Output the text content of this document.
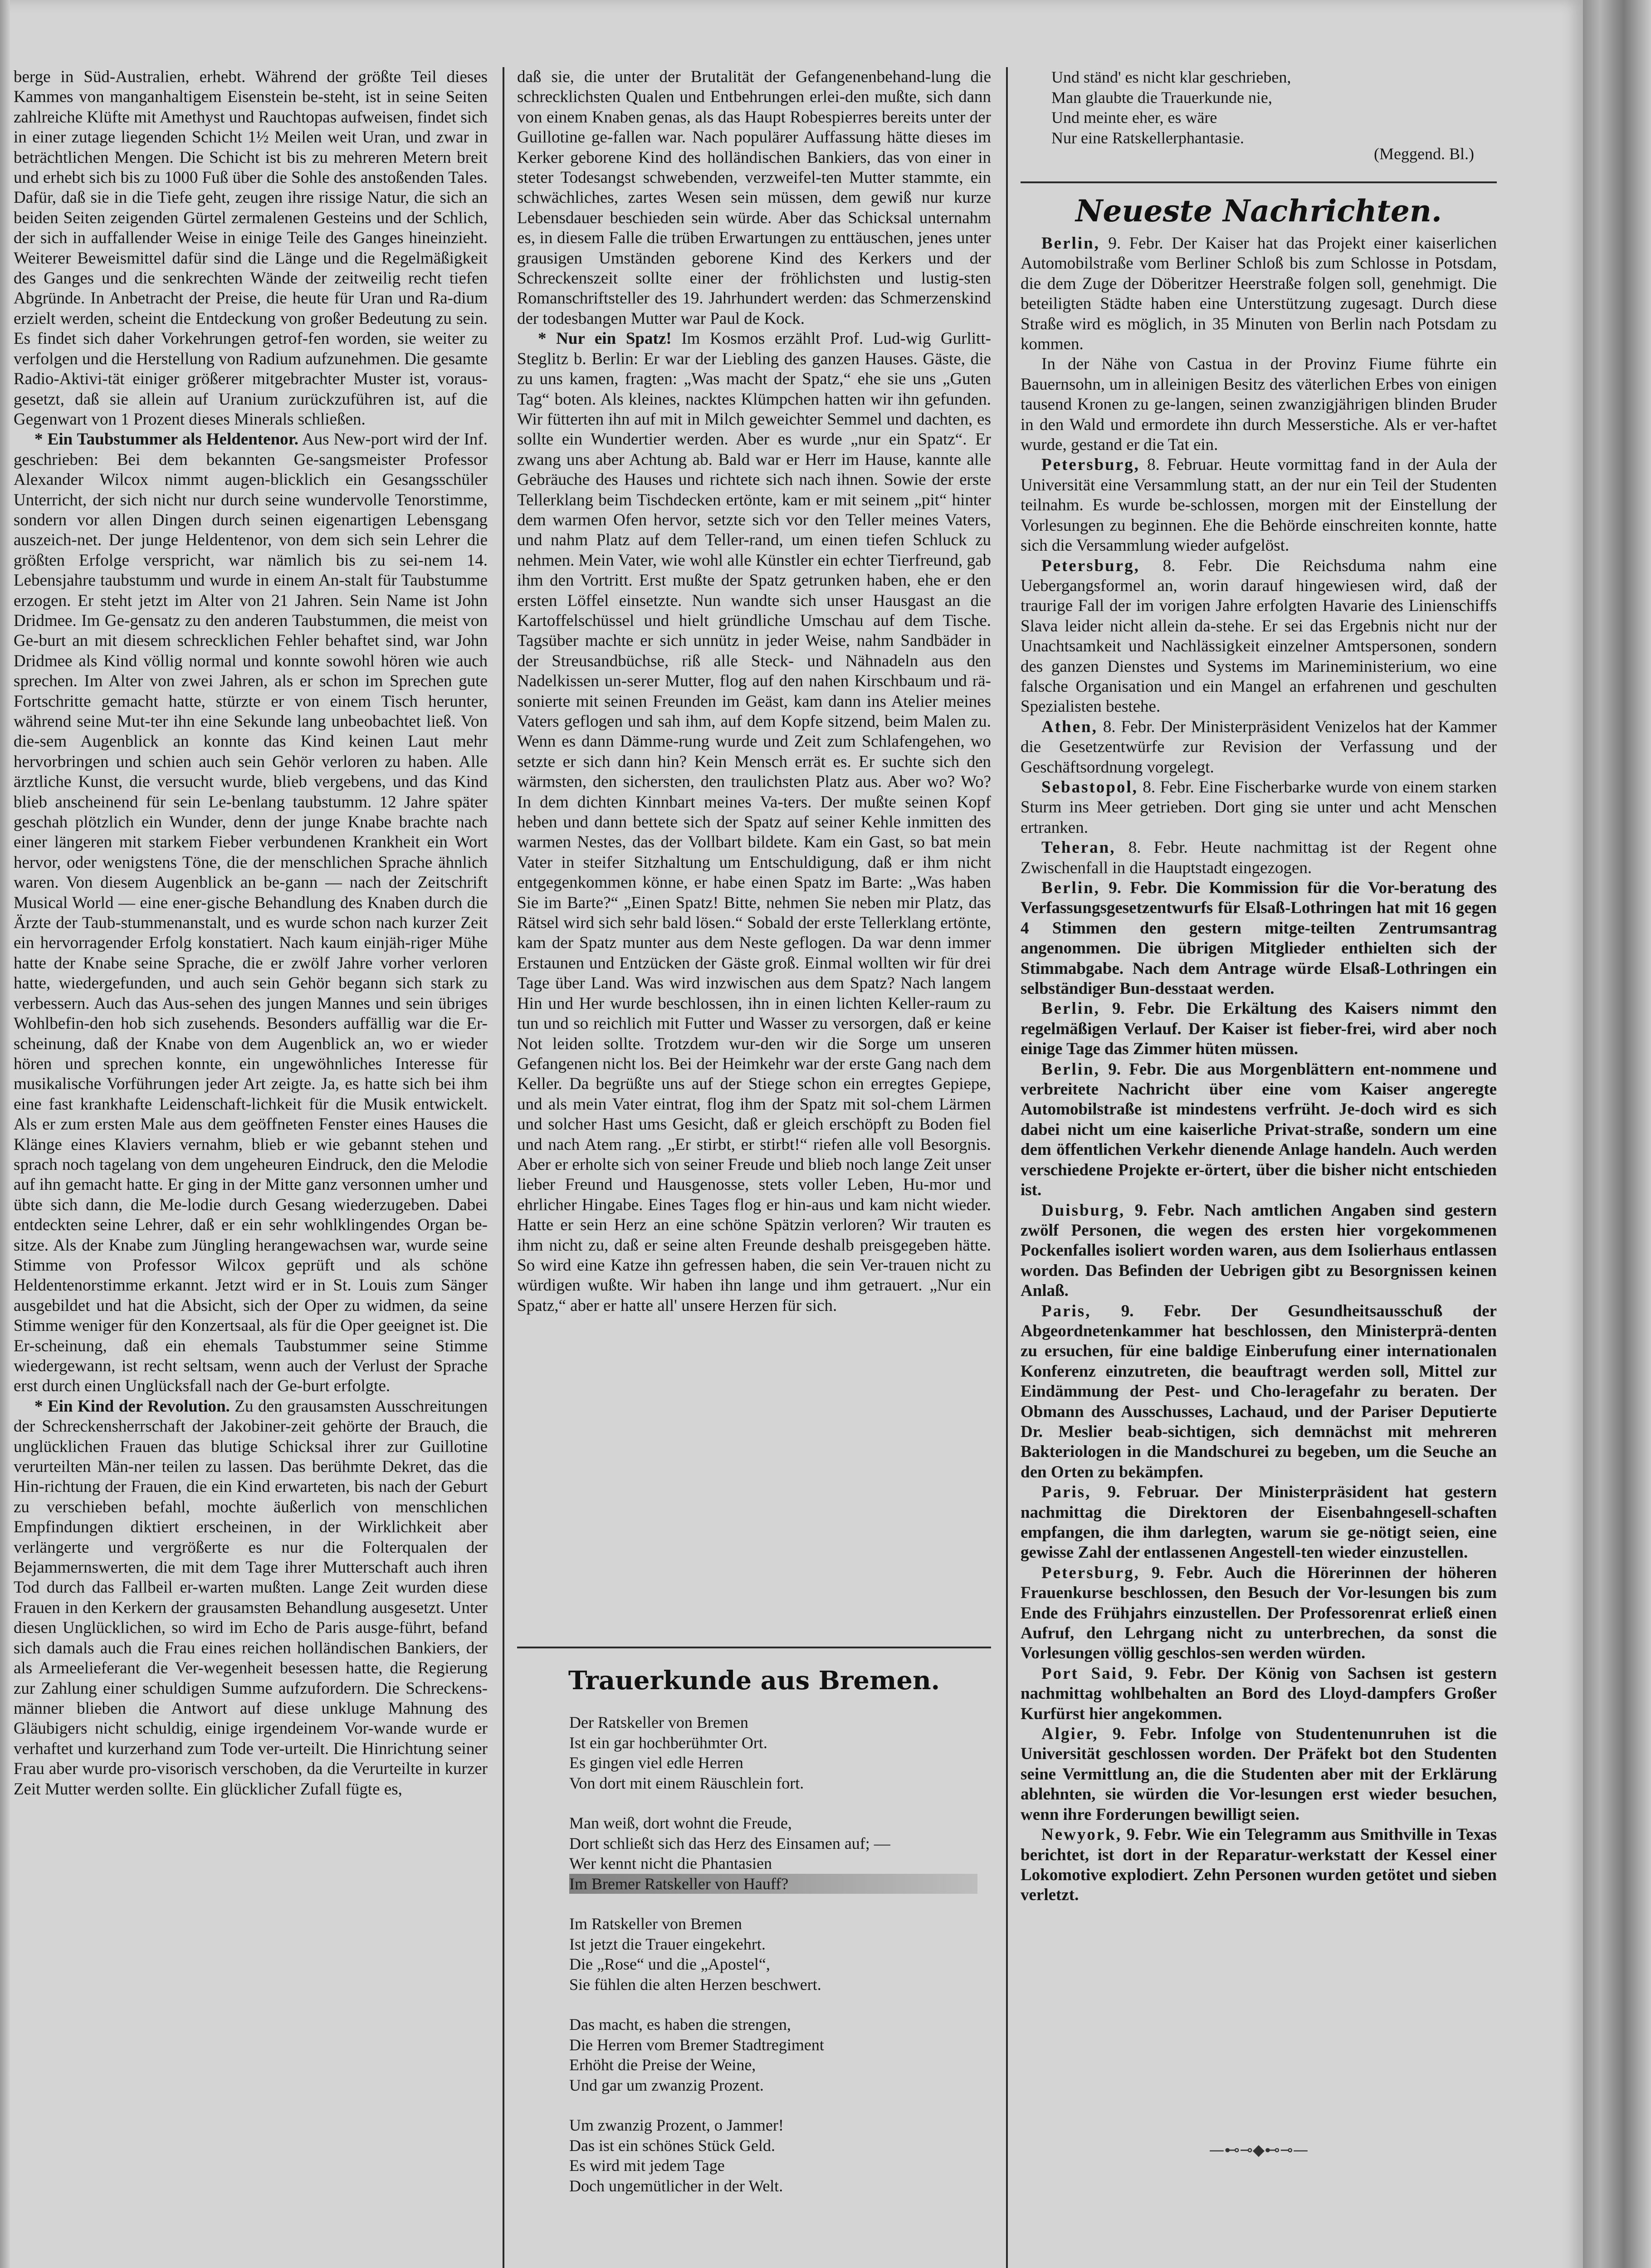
berge in Süd-Australien, erhebt. Während der größte Teil dieses Kammes von manganhaltigem Eisenstein be-steht, ist in seine Seiten zahlreiche Klüfte mit Amethyst und Rauchtopas aufweisen, findet sich in einer zutage liegenden Schicht 1½ Meilen weit Uran, und zwar in beträchtlichen Mengen. Die Schicht ist bis zu mehreren Metern breit und erhebt sich bis zu 1000 Fuß über die Sohle des anstoßenden Tales. Dafür, daß sie in die Tiefe geht, zeugen ihre rissige Natur, die sich an beiden Seiten zeigenden Gürtel zermalenen Gesteins und der Schlich, der sich in auffallender Weise in einige Teile des Ganges hineinzieht. Weiterer Beweismittel dafür sind die Länge und die Regelmäßigkeit des Ganges und die senkrechten Wände der zeitweilig recht tiefen Abgründe. In Anbetracht der Preise, die heute für Uran und Ra-dium erzielt werden, scheint die Entdeckung von großer Bedeutung zu sein. Es findet sich daher Vorkehrungen getrof-fen worden, sie weiter zu verfolgen und die Herstellung von Radium aufzunehmen. Die gesamte Radio-Aktivi-tät einiger größerer mitgebrachter Muster ist, voraus-gesetzt, daß sie allein auf Uranium zurückzuführen ist, auf die Gegenwart von 1 Prozent dieses Minerals schließen.

* Ein Taubstummer als Heldentenor. Aus New-port wird der Inf. geschrieben: Bei dem bekannten Ge-sangsmeister Professor Alexander Wilcox nimmt augen-blicklich ein Gesangsschüler Unterricht, der sich nicht nur durch seine wundervolle Tenorstimme, sondern vor allen Dingen durch seinen eigenartigen Lebensgang auszeich-net. Der junge Heldentenor, von dem sich sein Lehrer die größten Erfolge verspricht, war nämlich bis zu sei-nem 14. Lebensjahre taubstumm und wurde in einem An-stalt für Taubstumme erzogen. Er steht jetzt im Alter von 21 Jahren. Sein Name ist John Dridmee. Im Ge-gensatz zu den anderen Taubstummen, die meist von Ge-burt an mit diesem schrecklichen Fehler behaftet sind, war John Dridmee als Kind völlig normal und konnte sowohl hören wie auch sprechen. Im Alter von zwei Jahren, als er schon im Sprechen gute Fortschritte gemacht hatte, stürzte er von einem Tisch herunter, während seine Mut-ter ihn eine Sekunde lang unbeobachtet ließ. Von die-sem Augenblick an konnte das Kind keinen Laut mehr hervorbringen und schien auch sein Gehör verloren zu haben. Alle ärztliche Kunst, die versucht wurde, blieb vergebens, und das Kind blieb anscheinend für sein Le-benlang taubstumm. 12 Jahre später geschah plötzlich ein Wunder, denn der junge Knabe brachte nach einer längeren mit starkem Fieber verbundenen Krankheit ein Wort hervor, oder wenigstens Töne, die der menschlichen Sprache ähnlich waren. Von diesem Augenblick an be-gann — nach der Zeitschrift Musical World — eine ener-gische Behandlung des Knaben durch die Ärzte der Taub-stummenanstalt, und es wurde schon nach kurzer Zeit ein hervorragender Erfolg konstatiert. Nach kaum einjäh-riger Mühe hatte der Knabe seine Sprache, die er zwölf Jahre vorher verloren hatte, wiedergefunden, und auch sein Gehör begann sich stark zu verbessern. Auch das Aus-sehen des jungen Mannes und sein übriges Wohlbefin-den hob sich zusehends. Besonders auffällig war die Er-scheinung, daß der Knabe von dem Augenblick an, wo er wieder hören und sprechen konnte, ein ungewöhnliches Interesse für musikalische Vorführungen jeder Art zeigte. Ja, es hatte sich bei ihm eine fast krankhafte Leidenschaft-lichkeit für die Musik entwickelt. Als er zum ersten Male aus dem geöffneten Fenster eines Hauses die Klänge eines Klaviers vernahm, blieb er wie gebannt stehen und sprach noch tagelang von dem ungeheuren Eindruck, den die Melodie auf ihn gemacht hatte. Er ging in der Mitte ganz versonnen umher und übte sich dann, die Me-lodie durch Gesang wiederzugeben. Dabei entdeckten seine Lehrer, daß er ein sehr wohlklingendes Organ be-sitze. Als der Knabe zum Jüngling herangewachsen war, wurde seine Stimme von Professor Wilcox geprüft und als schöne Heldentenorstimme erkannt. Jetzt wird er in St. Louis zum Sänger ausgebildet und hat die Absicht, sich der Oper zu widmen, da seine Stimme weniger für den Konzertsaal, als für die Oper geeignet ist. Die Er-scheinung, daß ein ehemals Taubstummer seine Stimme wiedergewann, ist recht seltsam, wenn auch der Verlust der Sprache erst durch einen Unglücksfall nach der Ge-burt erfolgte.

* Ein Kind der Revolution. Zu den grausamsten Ausschreitungen der Schreckensherrschaft der Jakobiner-zeit gehörte der Brauch, die unglücklichen Frauen das blutige Schicksal ihrer zur Guillotine verurteilten Män-ner teilen zu lassen. Das berühmte Dekret, das die Hin-richtung der Frauen, die ein Kind erwarteten, bis nach der Geburt zu verschieben befahl, mochte äußerlich von menschlichen Empfindungen diktiert erscheinen, in der Wirklichkeit aber verlängerte und vergrößerte es nur die Folterqualen der Bejammernswerten, die mit dem Tage ihrer Mutterschaft auch ihren Tod durch das Fallbeil er-warten mußten. Lange Zeit wurden diese Frauen in den Kerkern der grausamsten Behandlung ausgesetzt. Unter diesen Unglücklichen, so wird im Echo de Paris ausge-führt, befand sich damals auch die Frau eines reichen holländischen Bankiers, der als Armeelieferant die Ver-wegenheit besessen hatte, die Regierung zur Zahlung einer schuldigen Summe aufzufordern. Die Schreckens-männer blieben die Antwort auf diese unkluge Mahnung des Gläubigers nicht schuldig, einige irgendeinem Vor-wande wurde er verhaftet und kurzerhand zum Tode ver-urteilt. Die Hinrichtung seiner Frau aber wurde pro-visorisch verschoben, da die Verurteilte in kurzer Zeit Mutter werden sollte. Ein glücklicher Zufall fügte es,

daß sie, die unter der Brutalität der Gefangenenbehand-lung die schrecklichsten Qualen und Entbehrungen erlei-den mußte, sich dann von einem Knaben genas, als das Haupt Robespierres bereits unter der Guillotine ge-fallen war. Nach populärer Auffassung hätte dieses im Kerker geborene Kind des holländischen Bankiers, das von einer in steter Todesangst schwebenden, verzweifel-ten Mutter stammte, ein schwächliches, zartes Wesen sein müssen, dem gewiß nur kurze Lebensdauer beschieden sein würde. Aber das Schicksal unternahm es, in diesem Falle die trüben Erwartungen zu enttäuschen, jenes unter grausigen Umständen geborene Kind des Kerkers und der Schreckenszeit sollte einer der fröhlichsten und lustig-sten Romanschriftsteller des 19. Jahrhundert werden: das Schmerzenskind der todesbangen Mutter war Paul de Kock.

* Nur ein Spatz! Im Kosmos erzählt Prof. Lud-wig Gurlitt-Steglitz b. Berlin: Er war der Liebling des ganzen Hauses. Gäste, die zu uns kamen, fragten: „Was macht der Spatz,“ ehe sie uns „Guten Tag“ boten. Als kleines, nacktes Klümpchen hatten wir ihn gefunden. Wir fütterten ihn auf mit in Milch geweichter Semmel und dachten, es sollte ein Wundertier werden. Aber es wurde „nur ein Spatz“. Er zwang uns aber Achtung ab. Bald war er Herr im Hause, kannte alle Gebräuche des Hauses und richtete sich nach ihnen. Sowie der erste Tellerklang beim Tischdecken ertönte, kam er mit seinem „pit“ hinter dem warmen Ofen hervor, setzte sich vor den Teller meines Vaters, und nahm Platz auf dem Teller-rand, um einen tiefen Schluck zu nehmen. Mein Vater, wie wohl alle Künstler ein echter Tierfreund, gab ihm den Vortritt. Erst mußte der Spatz getrunken haben, ehe er den ersten Löffel einsetzte. Nun wandte sich unser Hausgast an die Kartoffelschüssel und hielt gründliche Umschau auf dem Tische. Tagsüber machte er sich unnütz in jeder Weise, nahm Sandbäder in der Streusandbüchse, riß alle Steck- und Nähnadeln aus den Nadelkissen un-serer Mutter, flog auf den nahen Kirschbaum und rä-sonierte mit seinen Freunden im Geäst, kam dann ins Atelier meines Vaters geflogen und sah ihm, auf dem Kopfe sitzend, beim Malen zu. Wenn es dann Dämme-rung wurde und Zeit zum Schlafengehen, wo setzte er sich dann hin? Kein Mensch errät es. Er suchte sich den wärmsten, den sichersten, den traulichsten Platz aus. Aber wo? Wo? In dem dichten Kinnbart meines Va-ters. Der mußte seinen Kopf heben und dann bettete sich der Spatz auf seiner Kehle inmitten des warmen Nestes, das der Vollbart bildete. Kam ein Gast, so bat mein Vater in steifer Sitzhaltung um Entschuldigung, daß er ihm nicht entgegenkommen könne, er habe einen Spatz im Barte: „Was haben Sie im Barte?“ „Einen Spatz! Bitte, nehmen Sie neben mir Platz, das Rätsel wird sich sehr bald lösen.“ Sobald der erste Tellerklang ertönte, kam der Spatz munter aus dem Neste geflogen. Da war denn immer Erstaunen und Entzücken der Gäste groß. Einmal wollten wir für drei Tage über Land. Was wird inzwischen aus dem Spatz? Nach langem Hin und Her wurde beschlossen, ihn in einen lichten Keller-raum zu tun und so reichlich mit Futter und Wasser zu versorgen, daß er keine Not leiden sollte. Trotzdem wur-den wir die Sorge um unseren Gefangenen nicht los. Bei der Heimkehr war der erste Gang nach dem Keller. Da begrüßte uns auf der Stiege schon ein erregtes Gepiepe, und als mein Vater eintrat, flog ihm der Spatz mit sol-chem Lärmen und solcher Hast ums Gesicht, daß er gleich erschöpft zu Boden fiel und nach Atem rang. „Er stirbt, er stirbt!“ riefen alle voll Besorgnis. Aber er erholte sich von seiner Freude und blieb noch lange Zeit unser lieber Freund und Hausgenosse, stets voller Leben, Hu-mor und ehrlicher Hingabe. Eines Tages flog er hin-aus und kam nicht wieder. Hatte er sein Herz an eine schöne Spätzin verloren? Wir trauten es ihm nicht zu, daß er seine alten Freunde deshalb preisgegeben hätte. So wird eine Katze ihn gefressen haben, die sein Ver-trauen nicht zu würdigen wußte. Wir haben ihn lange und ihm getrauert. „Nur ein Spatz,“ aber er hatte all' unsere Herzen für sich.

Trauerkunde aus Bremen.
Der Ratskeller von Bremen
Ist ein gar hochberühmter Ort.
Es gingen viel edle Herren
Von dort mit einem Räuschlein fort.
Man weiß, dort wohnt die Freude,
Dort schließt sich das Herz des Einsamen auf; —
Wer kennt nicht die Phantasien
Im Bremer Ratskeller von Hauff?
Im Ratskeller von Bremen
Ist jetzt die Trauer eingekehrt.
Die „Rose“ und die „Apostel“,
Sie fühlen die alten Herzen beschwert.
Das macht, es haben die strengen,
Die Herren vom Bremer Stadtregiment
Erhöht die Preise der Weine,
Und gar um zwanzig Prozent.
Um zwanzig Prozent, o Jammer!
Das ist ein schönes Stück Geld.
Es wird mit jedem Tage
Doch ungemütlicher in der Welt.
Und ständ' es nicht klar geschrieben,
Man glaubte die Trauerkunde nie,
Und meinte eher, es wäre
Nur eine Ratskellerphantasie.
(Meggend. Bl.)
Neueste Nachrichten.

Berlin, 9. Febr. Der Kaiser hat das Projekt einer kaiserlichen Automobilstraße vom Berliner Schloß bis zum Schlosse in Potsdam, die dem Zuge der Döberitzer Heerstraße folgen soll, genehmigt. Die beteiligten Städte haben eine Unterstützung zugesagt. Durch diese Straße wird es möglich, in 35 Minuten von Berlin nach Potsdam zu kommen.

In der Nähe von Castua in der Provinz Fiume führte ein Bauernsohn, um in alleinigen Besitz des väterlichen Erbes von einigen tausend Kronen zu ge-langen, seinen zwanzigjährigen blinden Bruder in den Wald und ermordete ihn durch Messerstiche. Als er ver-haftet wurde, gestand er die Tat ein.

Petersburg, 8. Februar. Heute vormittag fand in der Aula der Universität eine Versammlung statt, an der nur ein Teil der Studenten teilnahm. Es wurde be-schlossen, morgen mit der Einstellung der Vorlesungen zu beginnen. Ehe die Behörde einschreiten konnte, hatte sich die Versammlung wieder aufgelöst.

Petersburg, 8. Febr. Die Reichsduma nahm eine Uebergangsformel an, worin darauf hingewiesen wird, daß der traurige Fall der im vorigen Jahre erfolgten Havarie des Linienschiffs Slava leider nicht allein da-stehe. Er sei das Ergebnis nicht nur der Unachtsamkeit und Nachlässigkeit einzelner Amtspersonen, sondern des ganzen Dienstes und Systems im Marineministerium, wo eine falsche Organisation und ein Mangel an erfahrenen und geschulten Spezialisten bestehe.

Athen, 8. Febr. Der Ministerpräsident Venizelos hat der Kammer die Gesetzentwürfe zur Revision der Verfassung und der Geschäftsordnung vorgelegt.

Sebastopol, 8. Febr. Eine Fischerbarke wurde von einem starken Sturm ins Meer getrieben. Dort ging sie unter und acht Menschen ertranken.

Teheran, 8. Febr. Heute nachmittag ist der Regent ohne Zwischenfall in die Hauptstadt eingezogen.

Berlin, 9. Febr. Die Kommission für die Vor-beratung des Verfassungsgesetzentwurfs für Elsaß-Lothringen hat mit 16 gegen 4 Stimmen den gestern mitge-teilten Zentrumsantrag angenommen. Die übrigen Mitglieder enthielten sich der Stimmabgabe. Nach dem Antrage würde Elsaß-Lothringen ein selbständiger Bun-desstaat werden.

Berlin, 9. Febr. Die Erkältung des Kaisers nimmt den regelmäßigen Verlauf. Der Kaiser ist fieber-frei, wird aber noch einige Tage das Zimmer hüten müssen.

Berlin, 9. Febr. Die aus Morgenblättern ent-nommene und verbreitete Nachricht über eine vom Kaiser angeregte Automobilstraße ist mindestens verfrüht. Je-doch wird es sich dabei nicht um eine kaiserliche Privat-straße, sondern um eine dem öffentlichen Verkehr dienende Anlage handeln. Auch werden verschiedene Projekte er-örtert, über die bisher nicht entschieden ist.

Duisburg, 9. Febr. Nach amtlichen Angaben sind gestern zwölf Personen, die wegen des ersten hier vorgekommenen Pockenfalles isoliert worden waren, aus dem Isolierhaus entlassen worden. Das Befinden der Uebrigen gibt zu Besorgnissen keinen Anlaß.

Paris, 9. Febr. Der Gesundheitsausschuß der Abgeordnetenkammer hat beschlossen, den Ministerprä-denten zu ersuchen, für eine baldige Einberufung einer internationalen Konferenz einzutreten, die beauftragt werden soll, Mittel zur Eindämmung der Pest- und Cho-leragefahr zu beraten. Der Obmann des Ausschusses, Lachaud, und der Pariser Deputierte Dr. Meslier beab-sichtigen, sich demnächst mit mehreren Bakteriologen in die Mandschurei zu begeben, um die Seuche an den Orten zu bekämpfen.

Paris, 9. Februar. Der Ministerpräsident hat gestern nachmittag die Direktoren der Eisenbahngesell-schaften empfangen, die ihm darlegten, warum sie ge-nötigt seien, eine gewisse Zahl der entlassenen Angestell-ten wieder einzustellen.

Petersburg, 9. Febr. Auch die Hörerinnen der höheren Frauenkurse beschlossen, den Besuch der Vor-lesungen bis zum Ende des Frühjahrs einzustellen. Der Professorenrat erließ einen Aufruf, den Lehrgang nicht zu unterbrechen, da sonst die Vorlesungen völlig geschlos-sen werden würden.

Port Said, 9. Febr. Der König von Sachsen ist gestern nachmittag wohlbehalten an Bord des Lloyd-dampfers Großer Kurfürst hier angekommen.

Algier, 9. Febr. Infolge von Studentenunruhen ist die Universität geschlossen worden. Der Präfekt bot den Studenten seine Vermittlung an, die die Studenten aber mit der Erklärung ablehnten, sie würden die Vor-lesungen erst wieder besuchen, wenn ihre Forderungen bewilligt seien.

Newyork, 9. Febr. Wie ein Telegramm aus Smithville in Texas berichtet, ist dort in der Reparatur-werkstatt der Kessel einer Lokomotive explodiert. Zehn Personen wurden getötet und sieben verletzt.

—⊷⊸◆⊷⊸—
